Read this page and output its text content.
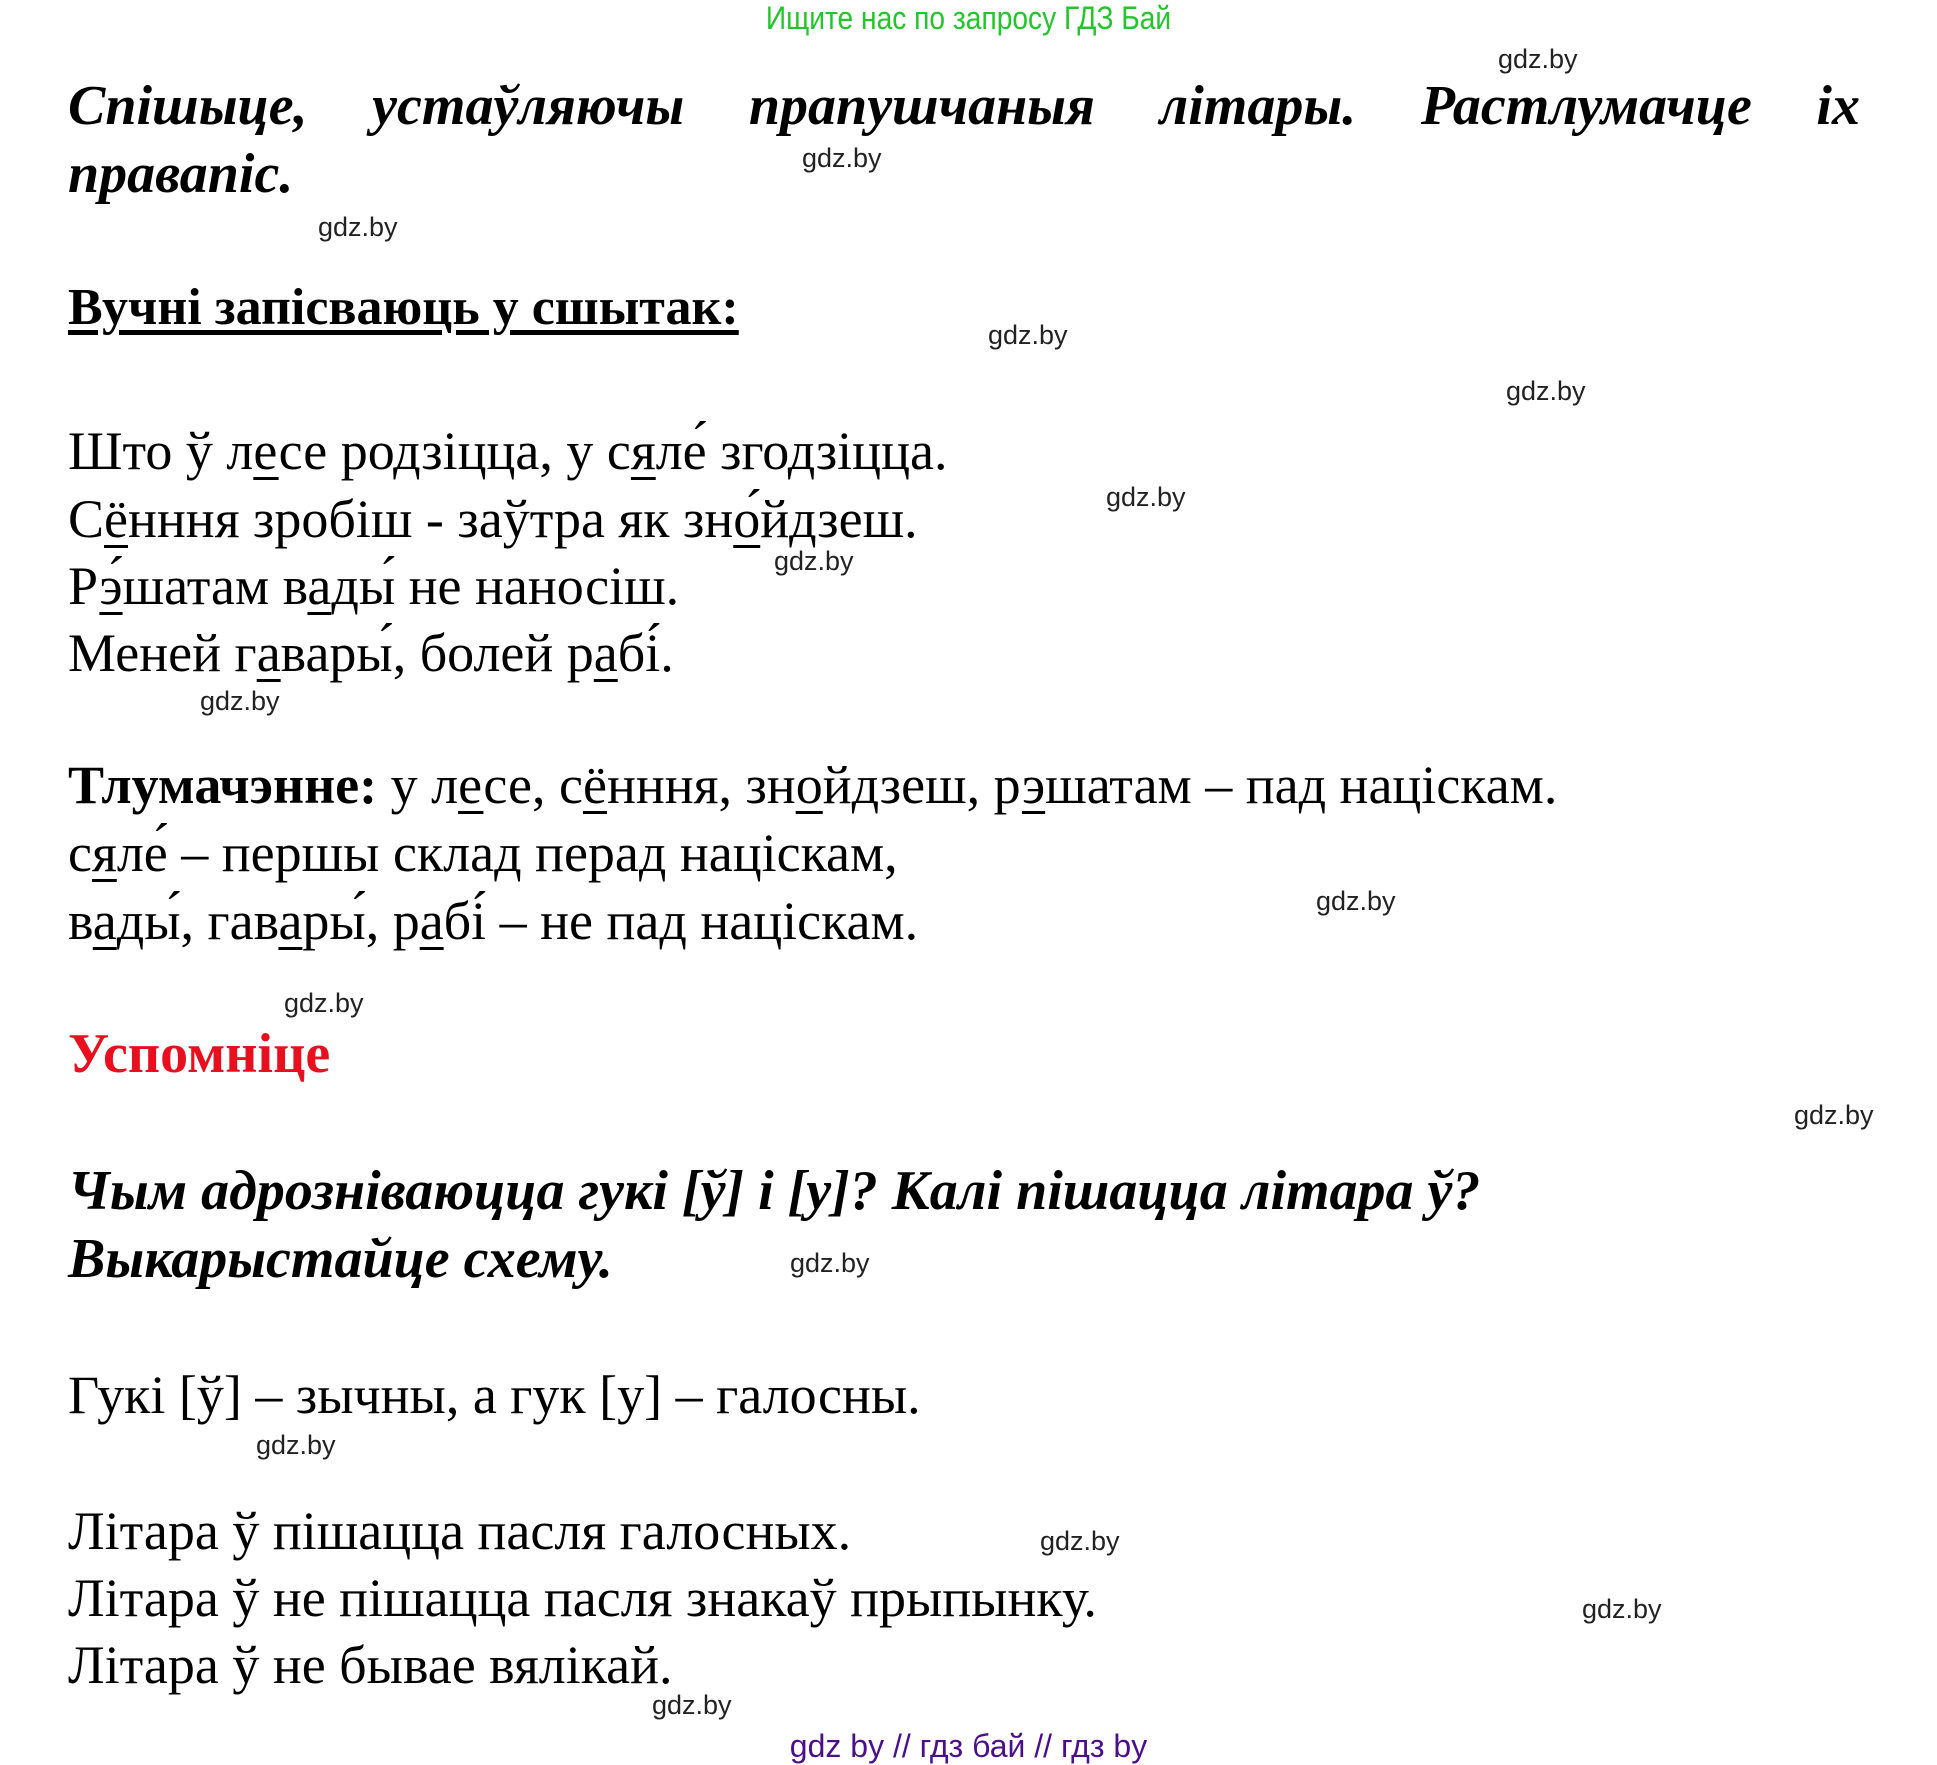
Ищите нас по запросу ГДЗ Бай
Спішыце, устаўляючы прапушчаныя літары. Растлумачце іх
правапіс.
Вучні запісваюць у сшытак:
Што ў лесе родзіцца, у сяле́ згодзіцца.
Сённня зробіш - заўтра як зно́йдзеш.
Рэ́шатам вады́ не наносіш.
Меней гавары́, болей рабі́.
Тлумачэнне: у лесе, сённня, знойдзеш, рэшатам – пад націскам.
сяле́ – першы склад перад націскам,
вады́, гавары́, рабі́ – не пад націскам.
Успомніце
Чым адрозніваюцца гукі [ў] і [у]? Калі пішацца літара ў?
Выкарыстайце схему.
Гукі [ў] – зычны, а гук [у] – галосны.
Літара ў пішацца пасля галосных.
Літара ў не пішацца пасля знакаў прыпынку.
Літара ў не бывае вялікай.
gdz.by
gdz.by
gdz.by
gdz.by
gdz.by
gdz.by
gdz.by
gdz.by
gdz.by
gdz.by
gdz.by
gdz.by
gdz.by
gdz.by
gdz.by
gdz.by
gdz by // гдз бай // гдз by
